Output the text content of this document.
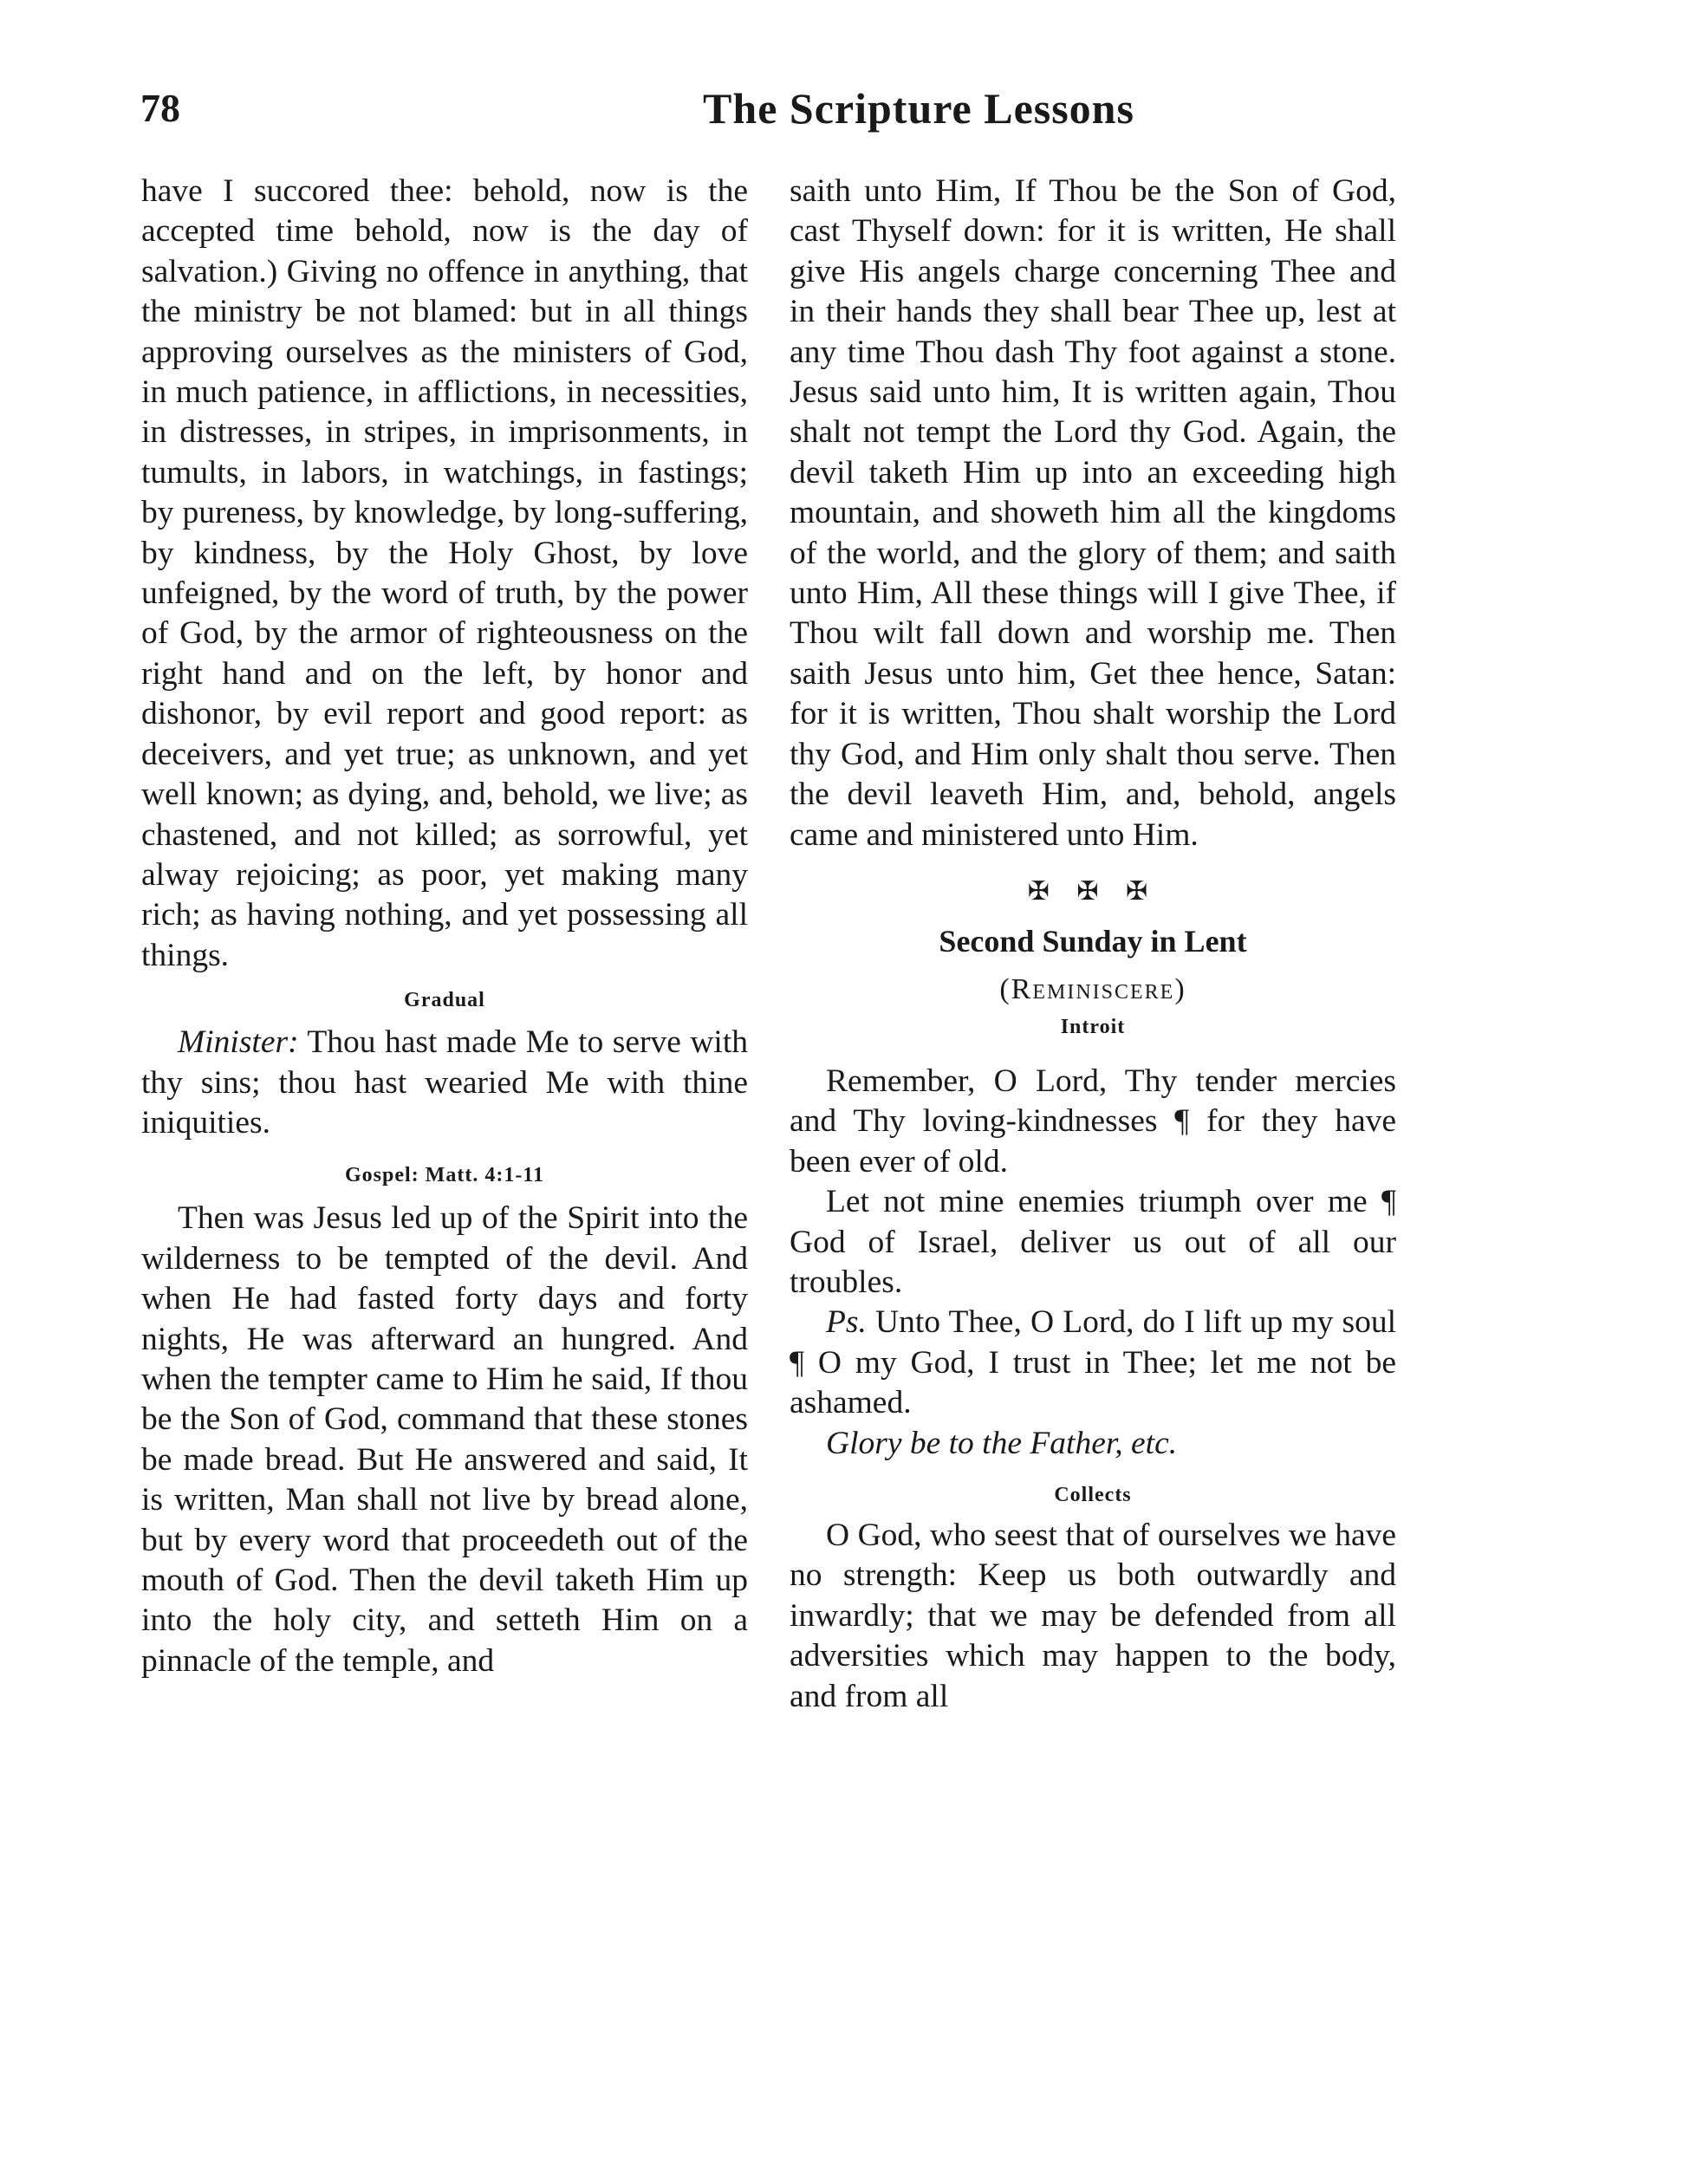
78	The Scripture Lessons

have I succored thee: behold, now is the accepted time behold, now is the day of salvation.) Giving no offence in anything, that the ministry be not blamed: but in all things approving ourselves as the ministers of God, in much patience, in afflictions, in necessities, in distresses, in stripes, in imprisonments, in tumults, in labors, in watchings, in fastings; by pureness, by knowledge, by long-suffering, by kindness, by the Holy Ghost, by love unfeigned, by the word of truth, by the power of God, by the armor of righteousness on the right hand and on the left, by honor and dishonor, by evil report and good report: as deceivers, and yet true; as unknown, and yet well known; as dying, and, behold, we live; as chastened, and not killed; as sorrowful, yet alway rejoicing; as poor, yet making many rich; as having nothing, and yet possessing all things.

Gradual

Minister: Thou hast made Me to serve with thy sins; thou hast wearied Me with thine iniquities.

Gospel: Matt. 4:1-11

Then was Jesus led up of the Spirit into the wilderness to be tempted of the devil. And when He had fasted forty days and forty nights, He was afterward an hungred. And when the tempter came to Him he said, If thou be the Son of God, command that these stones be made bread. But He answered and said, It is written, Man shall not live by bread alone, but by every word that proceedeth out of the mouth of God. Then the devil taketh Him up into the holy city, and setteth Him on a pinnacle of the temple, and

saith unto Him, If Thou be the Son of God, cast Thyself down: for it is written, He shall give His angels charge concerning Thee and in their hands they shall bear Thee up, lest at any time Thou dash Thy foot against a stone. Jesus said unto him, It is written again, Thou shalt not tempt the Lord thy God. Again, the devil taketh Him up into an exceeding high mountain, and showeth him all the kingdoms of the world, and the glory of them; and saith unto Him, All these things will I give Thee, if Thou wilt fall down and worship me. Then saith Jesus unto him, Get thee hence, Satan: for it is written, Thou shalt worship the Lord thy God, and Him only shalt thou serve. Then the devil leaveth Him, and, behold, angels came and ministered unto Him.

✠ ✠ ✠
Second Sunday in Lent
(Reminiscere)
Introit

Remember, O Lord, Thy tender mercies and Thy loving-kindnesses ¶ for they have been ever of old.

Let not mine enemies triumph over me ¶ God of Israel, deliver us out of all our troubles.

Ps. Unto Thee, O Lord, do I lift up my soul ¶ O my God, I trust in Thee; let me not be ashamed.

Glory be to the Father, etc.

Collects

O God, who seest that of ourselves we have no strength: Keep us both outwardly and inwardly; that we may be defended from all adversities which may happen to the body, and from all
